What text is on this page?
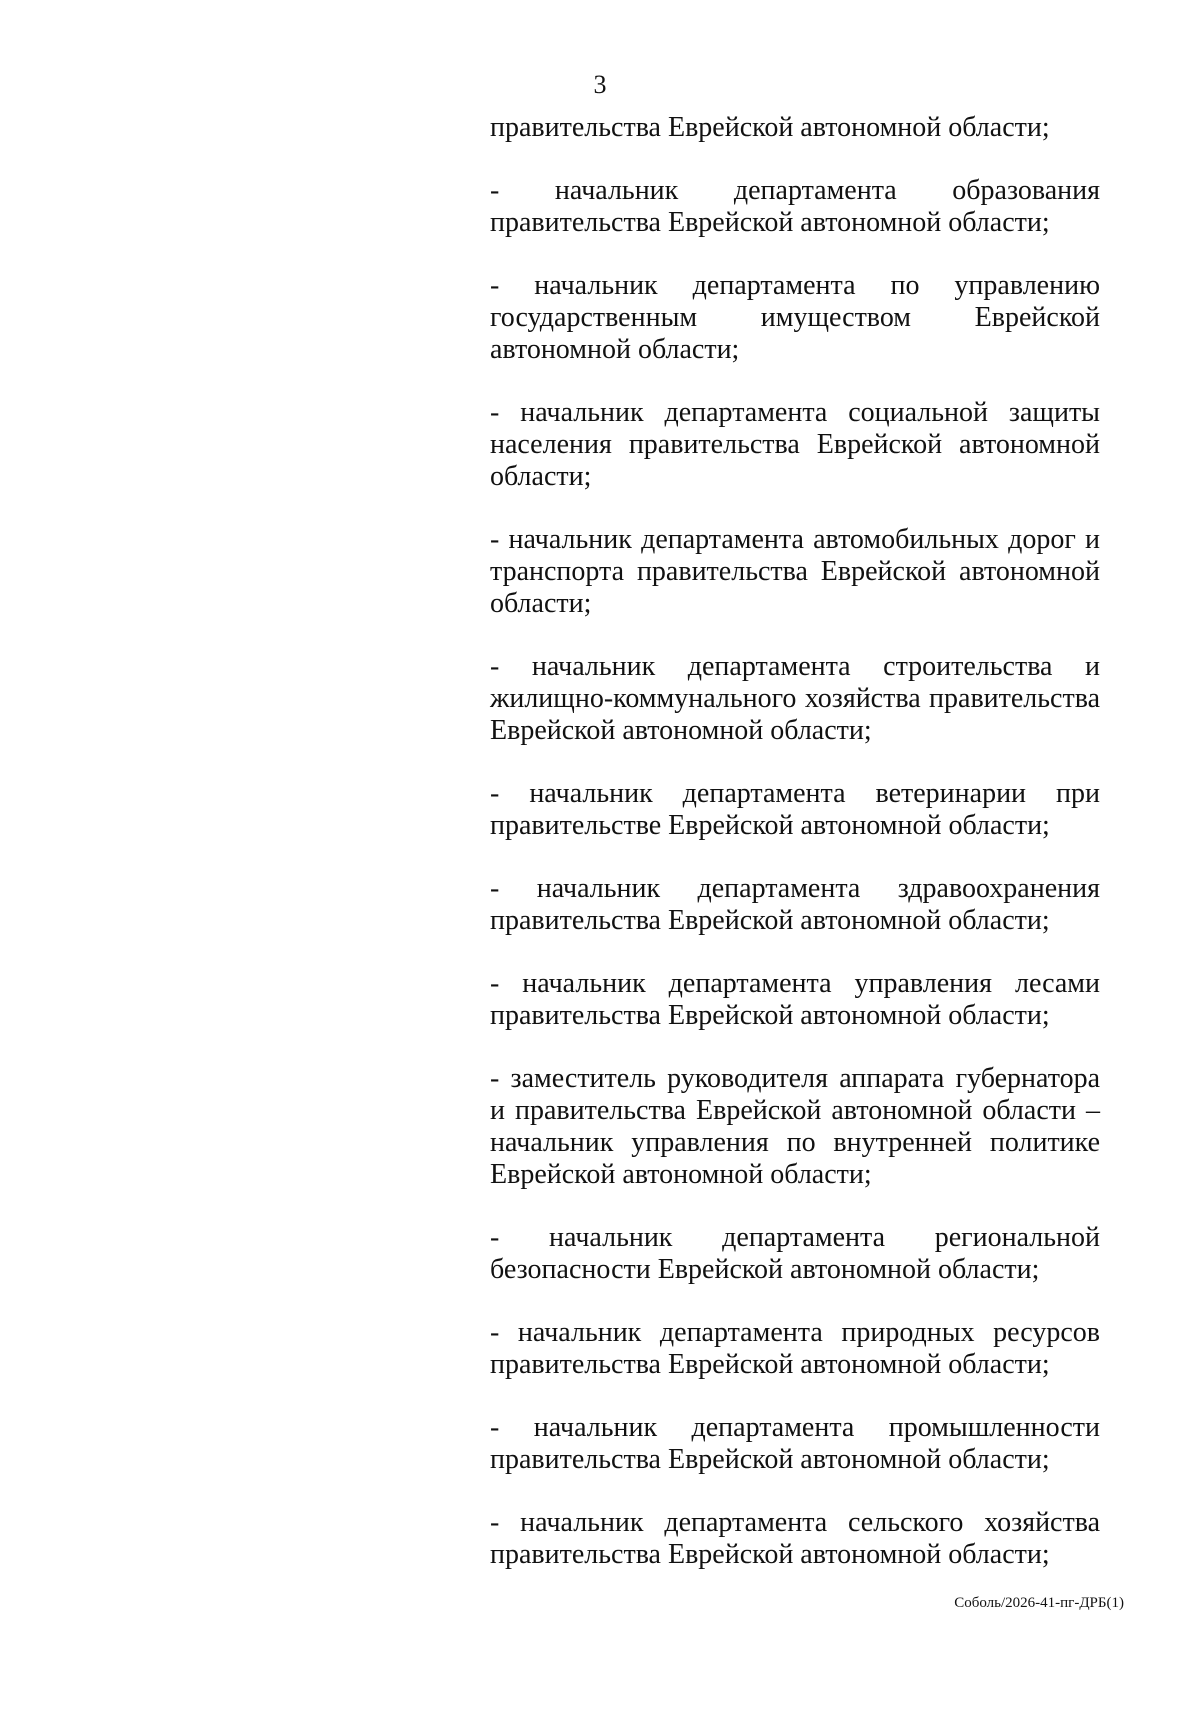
3

правительства Еврейской автономной области;

- начальник департамента образования правительства Еврейской автономной области;

- начальник департамента по управлению государственным имуществом Еврейской автономной области;

- начальник департамента социальной защиты населения правительства Еврейской автономной области;

- начальник департамента автомобильных дорог и транспорта правительства Еврейской автономной области;

- начальник департамента строительства и жилищно-коммунального хозяйства правительства Еврейской автономной области;

- начальник департамента ветеринарии при правительстве Еврейской автономной области;

- начальник департамента здравоохранения правительства Еврейской автономной области;

- начальник департамента управления лесами правительства Еврейской автономной области;

- заместитель руководителя аппарата губернатора и правительства Еврейской автономной области – начальник управления по внутренней политике Еврейской автономной области;

- начальник департамента региональной безопасности Еврейской автономной области;

- начальник департамента природных ресурсов правительства Еврейской автономной области;

- начальник департамента промышленности правительства Еврейской автономной области;

- начальник департамента сельского хозяйства правительства Еврейской автономной области;

Соболь/2026-41-пг-ДРБ(1)
